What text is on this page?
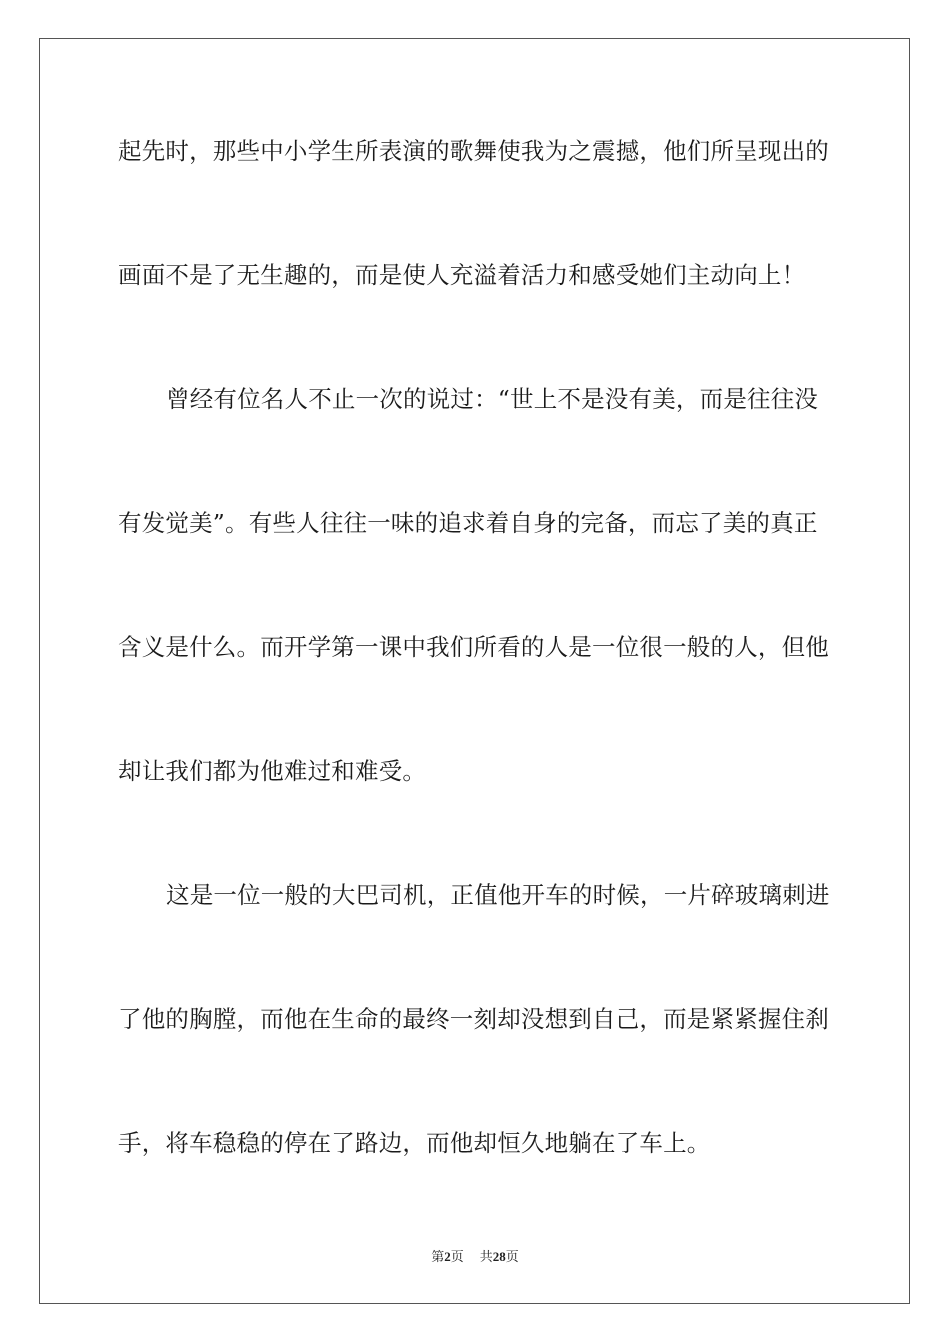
起先时，那些中小学生所表演的歌舞使我为之震撼，他们所呈现出的
画面不是了无生趣的，而是使人充溢着活力和感受她们主动向上！
曾经有位名人不止一次的说过：“世上不是没有美，而是往往没
有发觉美”。有些人往往一味的追求着自身的完备，而忘了美的真正
含义是什么。而开学第一课中我们所看的人是一位很一般的人，但他
却让我们都为他难过和难受。
这是一位一般的大巴司机，正值他开车的时候，一片碎玻璃刺进
了他的胸膛，而他在生命的最终一刻却没想到自己，而是紧紧握住刹
手，将车稳稳的停在了路边，而他却恒久地躺在了车上。
第2页 共28页
